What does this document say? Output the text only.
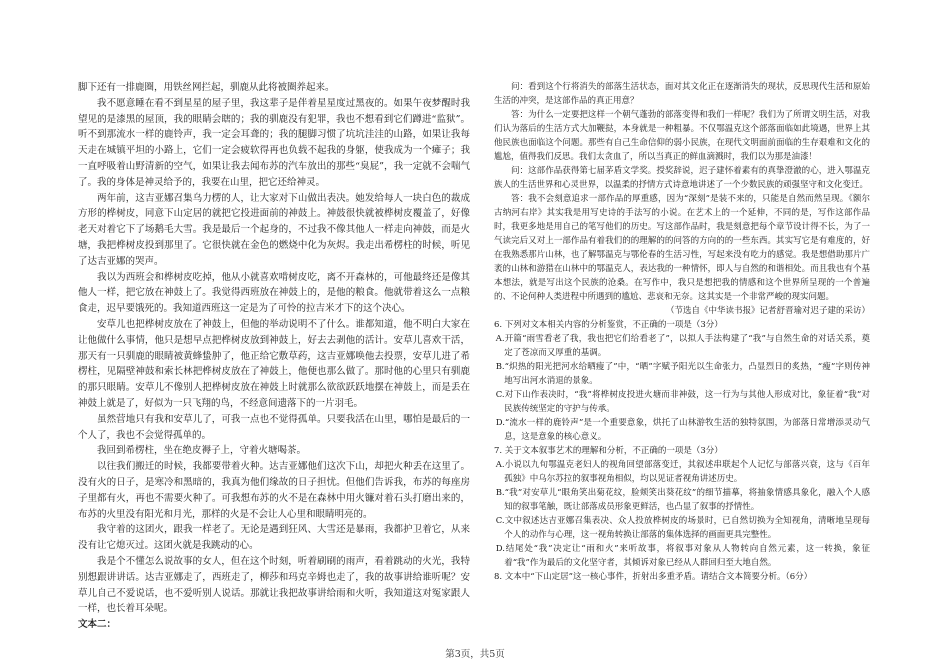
脚下还有一排鹿圈，用铁丝网拦起，驯鹿从此将被圈养起来。

我不愿意睡在看不到星星的屋子里，我这辈子是伴着星星度过黑夜的。如果午夜梦醒时我望见的是漆黑的屋顶，我的眼睛会瞎的；我的驯鹿没有犯罪，我也不想看到它们蹲进“监狱”。听不到那流水一样的鹿铃声，我一定会耳聋的；我的腿脚习惯了坑坑洼洼的山路，如果让我每天走在城镇平坦的小路上，它们一定会疲软得再也负载不起我的身躯，使我成为一个瘫子；我一直呼吸着山野清新的空气，如果让我去闻布苏的汽车放出的那些“臭屁”，我一定就不会喘气了。我的身体是神灵给予的，我要在山里，把它还给神灵。

两年前，这吉亚娜召集乌力楞的人，让大家对下山做出表决。她发给每人一块白色的裁成方形的桦树皮，同意下山定居的就把它投进面前的神鼓上。神鼓很快就被桦树皮覆盖了，好像老天对着它下了场鹅毛大雪。我是最后一个起身的，不过我不像其他人一样走向神鼓，而是火塘，我把桦树皮投到那里了。它很快就在金色的燃烧中化为灰烬。我走出希楞柱的时候，听见了达吉亚娜的哭声。

我以为西班会和桦树皮吃掉，他从小就喜欢啃树皮吃，离不开森林的，可他最终还是像其他人一样，把它放在神鼓上了。我觉得西班放在神鼓上的，是他的粮食。他就带着这么一点粮食走，迟早要饿死的。我知道西班这一定是为了可怜的拉吉米才下的这个决心。

安草儿也把桦树皮放在了神鼓上，但他的举动说明不了什么。谁都知道，他不明白大家在让他做什么事情，他只是想早点把桦树皮放到神鼓上，好去去剥他的活计。安草儿喜欢干活，那天有一只驯鹿的眼睛被黄蜂蛰肿了，他正给它敷草药，这吉亚娜唤他去投票，安草儿进了希楞柱，见隔壁神鼓和索长林把桦树皮放在了神鼓上，他便也那么做了。那时他的心里只有驯鹿的那只眼睛。安草儿不像别人把桦树皮放在神鼓上时就那么欲欲跃跃地摆在神鼓上，而是丢在神鼓上就是了，好似为一只飞翔的鸟，不经意间遗落下的一片羽毛。

虽然营地只有我和安草儿了，可我一点也不觉得孤单。只要我活在山里，哪怕是最后的一个人了，我也不会觉得孤单的。

我回到希楞柱，坐在绝皮褥子上，守着火塘喝茶。

以往我们搬迁的时候，我都要带着火种。达吉亚娜他们这次下山，却把火种丢在这里了。没有火的日子，是寒冷和黑暗的，我真为他们缘故的日子担忧。但他们告诉我，布苏的每座房子里都有火，再也不需要火种了。可我想布苏的火不是在森林中用火镰对着石头打磨出来的，布苏的火里没有阳光和月光，那样的火是不会让人心里和眼睛明亮的。

我守着的这团火，跟我一样老了。无论是遇到狂风、大雪还是暴雨，我都护卫着它，从来没有让它熄灭过。这团火就是我跳动的心。

我是个不懂怎么说故事的女人，但在这个时刻，听着刷刷的雨声，看着跳动的火光，我特别想跟讲讲话。达吉亚娜走了，西班走了，柳莎和玛克辛姆也走了，我的故事讲给谁听呢？安草儿自己不爱说话，也不爱听别人说话。那就让我把故事讲给雨和火听，我知道这对冤家跟人一样，也长着耳朵呢。

文本二：

问：看到这个行将消失的部落生活状态，面对其文化正在逐渐消失的现状，反思现代生活和原始生活的冲突，是这部作品的真正用意？

答：为什么一定要把这样一个朝气蓬勃的部落变得和我们一样呢？我们为了所谓文明生活，对我们认为落后的生活方式大加鞭挞，本身就是一种粗暴。不仅鄂温克这个部落面临如此境遇，世界上其他民族也面临这个问题。那些有自己生命信仰的弱小民族，在现代文明面前面临的生存艰难和文化的尴尬，值得我们反思。我们太贪血了，所以当真正的鲜血滴溅时，我们以为那是油漆！

问：这部作品获得第七届茅盾文学奖。授奖辞说，迟子建怀着素有的真挚澄澈的心，进入鄂温克族人的生活世界和心灵世界，以温柔的抒情方式诗意地讲述了一个少数民族的顽强坚守和文化变迁。

答：我不会刻意追求一部作品的厚重感，因为“深刻”是装不来的，只能是自然而然呈现。《额尔古纳河右岸》其实我是用写史诗的手法写的小说。在艺术上的一个延伸，不同的是，写作这部作品时，我更多地是用自己的笔写他们的历史。写这部作品时，我是刻意把每个章节设计得不长，为了一气读完后又对上一部作品有着我们的的理解的的问答的方向的的一些东西。其实写它是有难度的，好在我熟悉那片山林，也了解鄂温克与鄂伦春的生活习性，写起来没有吃力的感觉。我是想借助那片广袤的山林和游猎在山林中的鄂温克人，表达我的一种情怀，即人与自然的和谐相处。而且我也有个基本想法，就是写出这个民族的沧桑。在写作中，我只是想把我的情感和这个世界所呈现的一个普遍的、不论何种人类进程中所遇到的尴尬、悲哀和无奈。这其实是一个非常严峻的现实问题。

（节选自《中华读书报》记者舒晋瑜对迟子建的采访）

6. 下列对文本相关内容的分析鉴赏，不正确的一项是（3分）

A.开篇“雨雪看老了我，我也把它们给看老了”，以拟人手法构建了“我”与自然生命的对话关系，奠定了苍凉而又厚重的基调。

B.“炽热的阳光把河水给晒瘦了”中，“晒”字赋予阳光以生命张力，凸显烈日的炙热，“瘦”字则传神地写出河水消退的景象。

C.对下山作表决时，“我”将桦树皮投进火塘而非神鼓，这一行为与其他人形成对比，象征着“我”对民族传统坚定的守护与传承。

D.“流水一样的鹿铃声”是一个重要意象，烘托了山林游牧生活的独特氛围，为部落日常增添灵动气息，这是意象的核心意义。

7. 关于文本叙事艺术的理解和分析，不正确的一项是（3分）

A.小说以九旬鄂温克老妇人的视角回望部落变迁，其叙述串联起个人记忆与部落兴衰，这与《百年孤独》中乌尔苏拉的叙事视角相似，均以见证者视角讲述历史。

B.“我”对安草儿“眼角笑出菊花纹，脸颊笑出葵花纹”的细节描摹，将抽象情感具象化，融入个人感知的叙事笔触，既让部落成员形象更鲜活，也凸显了叙事的抒情性。

C.文中叙述达吉亚娜召集表决、众人投放桦树皮的场景时，已自然切换为全知视角，清晰地呈现每个人的动作与心理，这一视角转换让部落的集体选择的画面更具完整性。

D.结尾处“我”决定让“雨和火”来听故事，将叙事对象从人物转向自然元素，这一转换，象征着“我”作为最后的文化坚守者，其倾诉对象已经从人群回归至大地自然。

8. 文本中“下山定居”这一核心事件，折射出多重矛盾。请结合文本简要分析。（6分）

第3页，共5页
